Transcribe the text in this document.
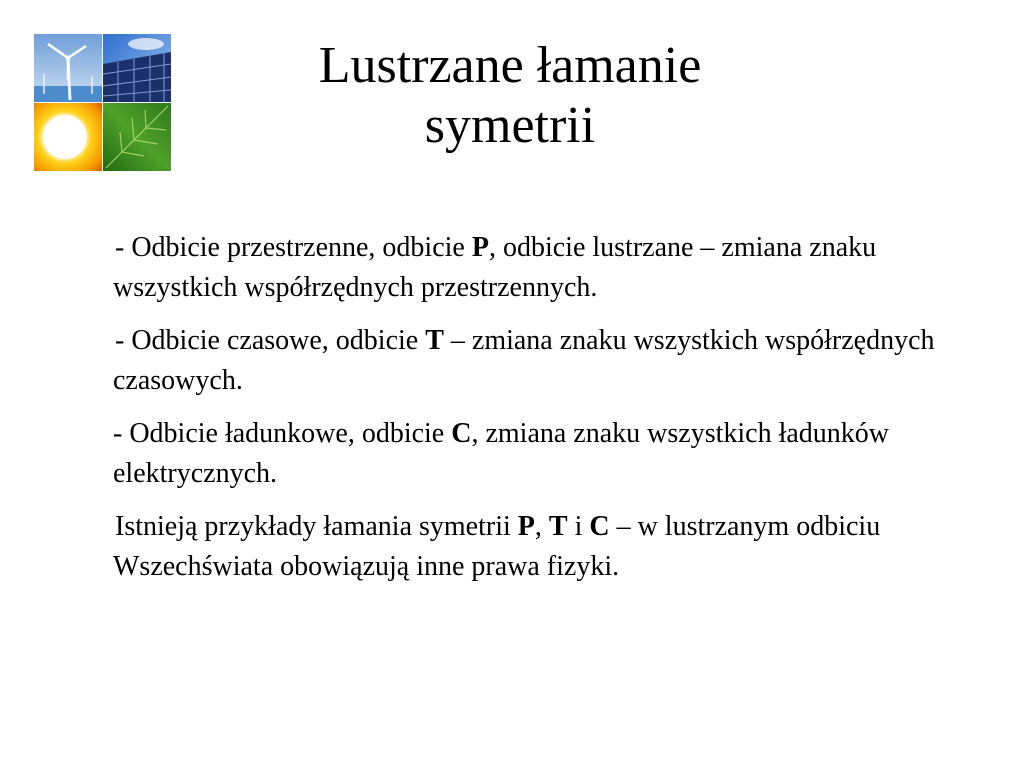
Lustrzane łamanie
symetrii

- Odbicie przestrzenne, odbicie P, odbicie lustrzane – zmiana znaku wszystkich współrzędnych przestrzennych.

- Odbicie czasowe, odbicie T – zmiana znaku wszystkich współrzędnych czasowych.

- Odbicie ładunkowe, odbicie C, zmiana znaku wszystkich ładunków elektrycznych.

Istnieją przykłady łamania symetrii P, T i C – w lustrzanym odbiciu Wszechświata obowiązują inne prawa fizyki.
